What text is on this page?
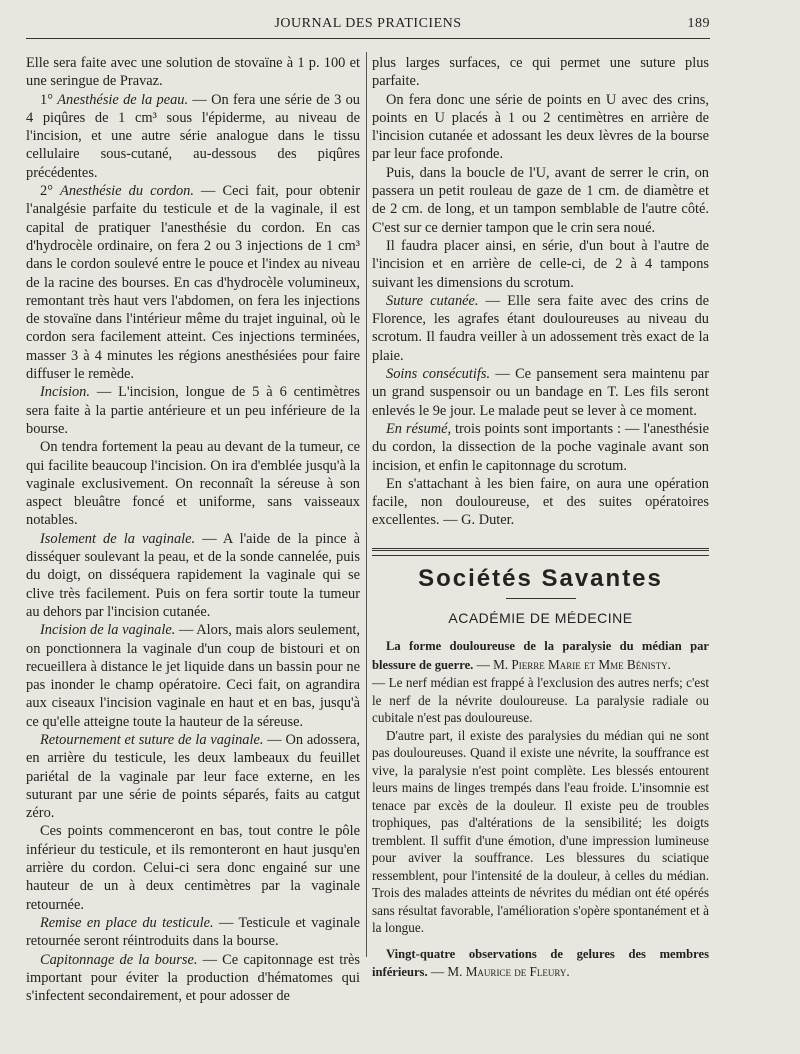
JOURNAL DES PRATICIENS	189

Elle sera faite avec une solution de stovaïne à 1 p. 100 et une seringue de Pravaz.

1° Anesthésie de la peau. — On fera une série de 3 ou 4 piqûres de 1 cm³ sous l'épiderme, au niveau de l'incision, et une autre série analogue dans le tissu cellulaire sous-cutané, au-dessous des piqûres précédentes.

2° Anesthésie du cordon. — Ceci fait, pour obtenir l'analgésie parfaite du testicule et de la vaginale, il est capital de pratiquer l'anesthésie du cordon. En cas d'hydrocèle ordinaire, on fera 2 ou 3 injections de 1 cm³ dans le cordon soulevé entre le pouce et l'index au niveau de la racine des bourses. En cas d'hydrocèle volumineux, remontant très haut vers l'abdomen, on fera les injections de stovaïne dans l'intérieur même du trajet inguinal, où le cordon sera facilement atteint. Ces injections terminées, masser 3 à 4 minutes les régions anesthésiées pour faire diffuser le remède.

Incision. — L'incision, longue de 5 à 6 centimètres sera faite à la partie antérieure et un peu inférieure de la bourse.

On tendra fortement la peau au devant de la tumeur, ce qui facilite beaucoup l'incision. On ira d'emblée jusqu'à la vaginale exclusivement. On reconnaît la séreuse à son aspect bleuâtre foncé et uniforme, sans vaisseaux notables.

Isolement de la vaginale. — A l'aide de la pince à disséquer soulevant la peau, et de la sonde cannelée, puis du doigt, on disséquera rapidement la vaginale qui se clive très facilement. Puis on fera sortir toute la tumeur au dehors par l'incision cutanée.

Incision de la vaginale. — Alors, mais alors seulement, on ponctionnera la vaginale d'un coup de bistouri et on recueillera à distance le jet liquide dans un bassin pour ne pas inonder le champ opératoire. Ceci fait, on agrandira aux ciseaux l'incision vaginale en haut et en bas, jusqu'à ce qu'elle atteigne toute la hauteur de la séreuse.

Retournement et suture de la vaginale. — On adossera, en arrière du testicule, les deux lambeaux du feuillet pariétal de la vaginale par leur face externe, en les suturant par une série de points séparés, faits au catgut zéro.

Ces points commenceront en bas, tout contre le pôle inférieur du testicule, et ils remonteront en haut jusqu'en arrière du cordon. Celui-ci sera donc engainé sur une hauteur de un à deux centimètres par la vaginale retournée.

Remise en place du testicule. — Testicule et vaginale retournée seront réintroduits dans la bourse.

Capitonnage de la bourse. — Ce capitonnage est très important pour éviter la production d'hématomes qui s'infectent secondairement, et pour adosser de

plus larges surfaces, ce qui permet une suture plus parfaite.

On fera donc une série de points en U avec des crins, points en U placés à 1 ou 2 centimètres en arrière de l'incision cutanée et adossant les deux lèvres de la bourse par leur face profonde.

Puis, dans la boucle de l'U, avant de serrer le crin, on passera un petit rouleau de gaze de 1 cm. de diamètre et de 2 cm. de long, et un tampon semblable de l'autre côté. C'est sur ce dernier tampon que le crin sera noué.

Il faudra placer ainsi, en série, d'un bout à l'autre de l'incision et en arrière de celle-ci, de 2 à 4 tampons suivant les dimensions du scrotum.

Suture cutanée. — Elle sera faite avec des crins de Florence, les agrafes étant douloureuses au niveau du scrotum. Il faudra veiller à un adossement très exact de la plaie.

Soins consécutifs. — Ce pansement sera maintenu par un grand suspensoir ou un bandage en T. Les fils seront enlevés le 9e jour. Le malade peut se lever à ce moment.

En résumé, trois points sont importants : — l'anesthésie du cordon, la dissection de la poche vaginale avant son incision, et enfin le capitonnage du scrotum.

En s'attachant à les bien faire, on aura une opération facile, non douloureuse, et des suites opératoires excellentes. — G. Duter.

Sociétés Savantes
ACADÉMIE DE MÉDECINE

La forme douloureuse de la paralysie du médian par blessure de guerre. — M. Pierre Marie et Mme Bénisty.

— Le nerf médian est frappé à l'exclusion des autres nerfs; c'est le nerf de la névrite douloureuse. La paralysie radiale ou cubitale n'est pas douloureuse.

D'autre part, il existe des paralysies du médian qui ne sont pas douloureuses. Quand il existe une névrite, la souffrance est vive, la paralysie n'est point complète. Les blessés entourent leurs mains de linges trempés dans l'eau froide. L'insomnie est tenace par excès de la douleur. Il existe peu de troubles trophiques, pas d'altérations de la sensibilité; les doigts tremblent. Il suffit d'une émotion, d'une impression lumineuse pour aviver la souffrance. Les blessures du sciatique ressemblent, pour l'intensité de la douleur, à celles du médian. Trois des malades atteints de névrites du médian ont été opérés sans résultat favorable, l'amélioration s'opère spontanément et à la longue.

Vingt-quatre observations de gelures des membres inférieurs. — M. Maurice de Fleury.
